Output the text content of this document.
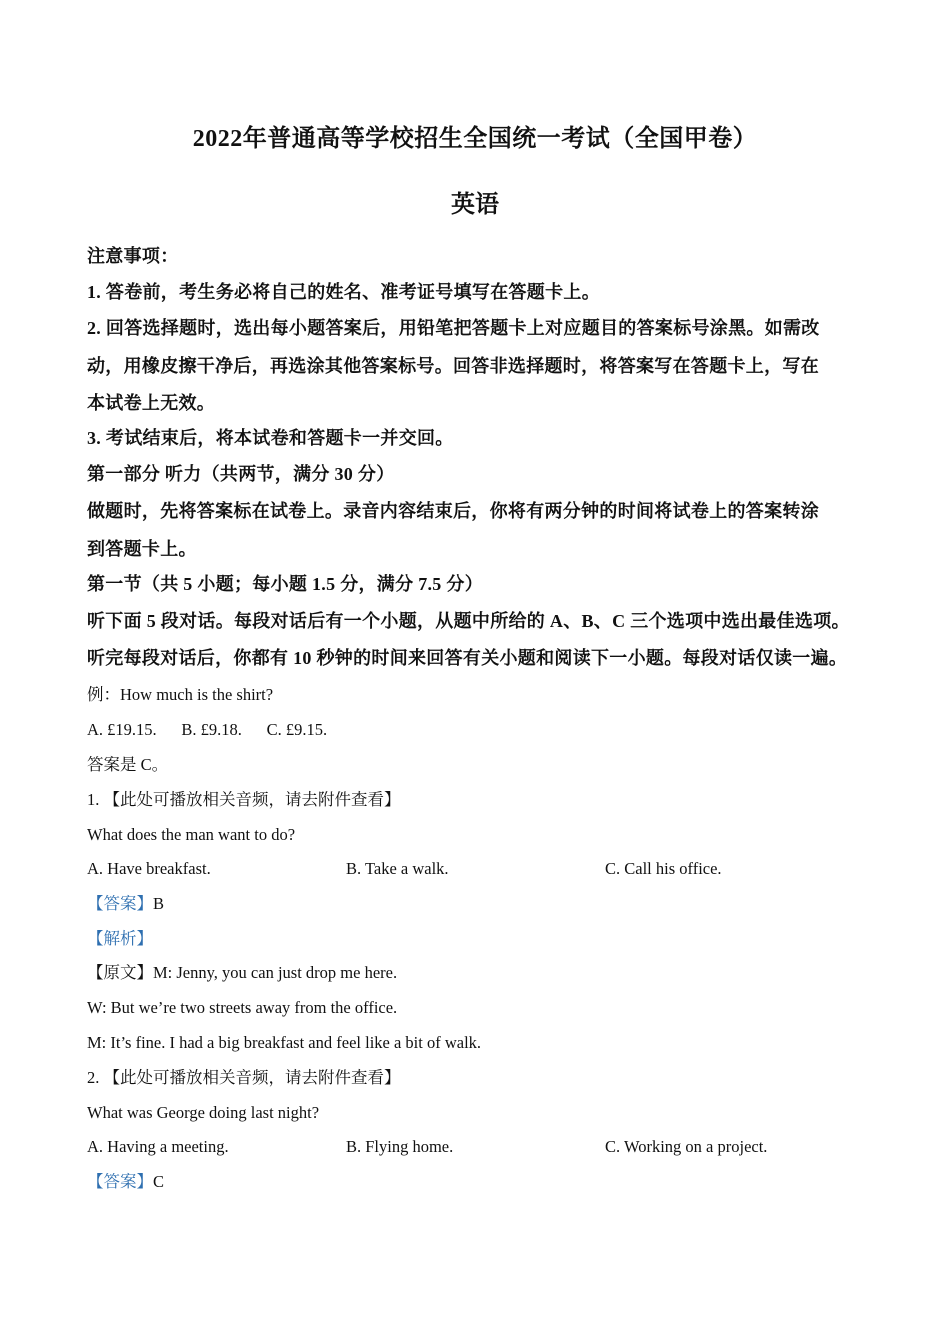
2022年普通高等学校招生全国统一考试（全国甲卷）
英语
注意事项：
1. 答卷前，考生务必将自己的姓名、准考证号填写在答题卡上。
2. 回答选择题时，选出每小题答案后，用铅笔把答题卡上对应题目的答案标号涂黑。如需改
动，用橡皮擦干净后，再选涂其他答案标号。回答非选择题时，将答案写在答题卡上，写在
本试卷上无效。
3. 考试结束后，将本试卷和答题卡一并交回。
第一部分 听力（共两节，满分 30 分）
做题时，先将答案标在试卷上。录音内容结束后，你将有两分钟的时间将试卷上的答案转涂
到答题卡上。
第一节（共 5 小题；每小题 1.5 分，满分 7.5 分）
听下面 5 段对话。每段对话后有一个小题，从题中所给的 A、B、C 三个选项中选出最佳选项。
听完每段对话后，你都有 10 秒钟的时间来回答有关小题和阅读下一小题。每段对话仅读一遍。
例：How much is the shirt?
A. £19.15.      B. £9.18.      C. £9.15.
答案是 C。
1. 【此处可播放相关音频，请去附件查看】
What does the man want to do?
A. Have breakfast.	B. Take a walk.	C. Call his office.
【答案】B
【解析】
【原文】M: Jenny, you can just drop me here.
W: But we’re two streets away from the office.
M: It’s fine. I had a big breakfast and feel like a bit of walk.
2. 【此处可播放相关音频，请去附件查看】
What was George doing last night?
A. Having a meeting.	B. Flying home.	C. Working on a project.
【答案】C
